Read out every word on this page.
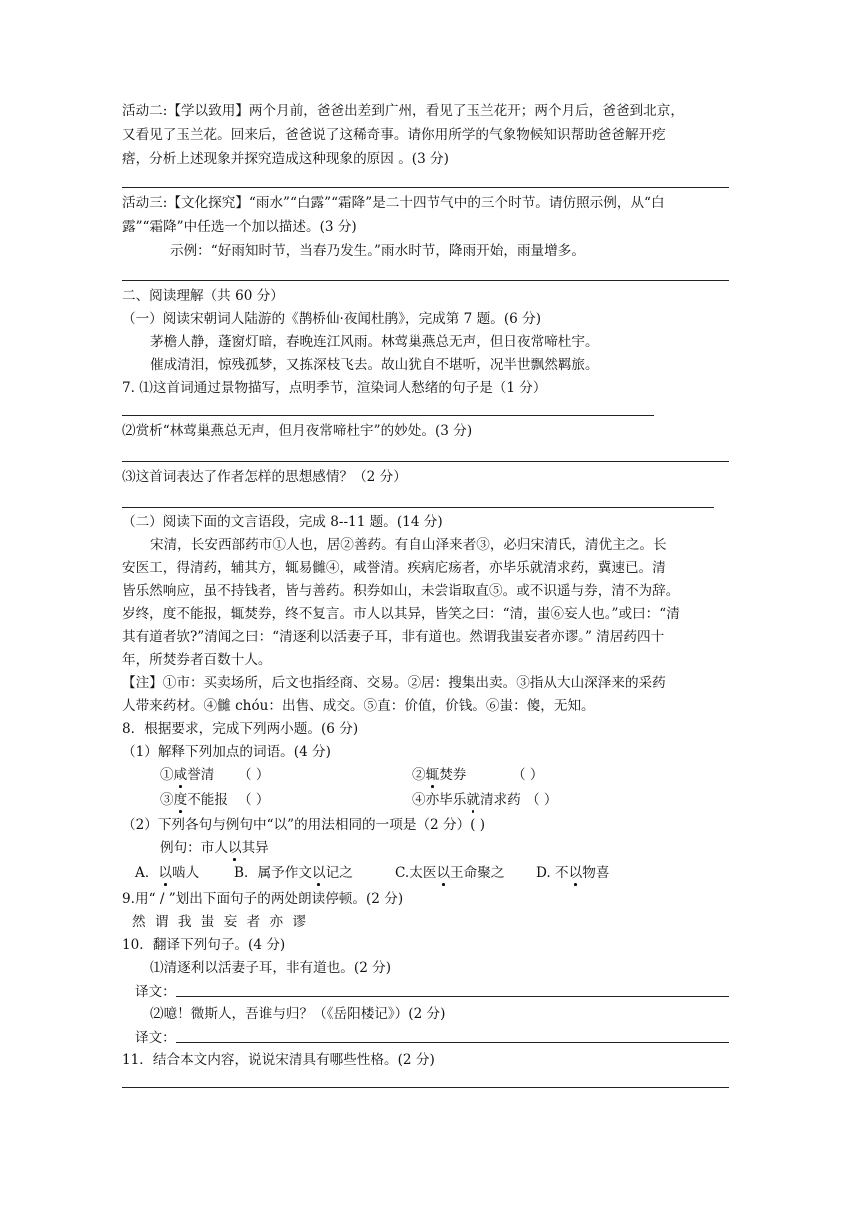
活动二:【学以致用】两个月前，爸爸出差到广州，看见了玉兰花开；两个月后，爸爸到北京，
又看见了玉兰花。回来后，爸爸说了这稀奇事。请你用所学的气象物候知识帮助爸爸解开疙
瘩，分析上述现象并探究造成这种现象的原因 。(3 分)
活动三:【文化探究】“雨水”“白露”“霜降”是二十四节气中的三个时节。请仿照示例，从“白
露”“霜降”中任选一个加以描述。(3 分)
示例：“好雨知时节，当春乃发生。”雨水时节，降雨开始，雨量增多。
二、阅读理解（共 60 分）
（一）阅读宋朝词人陆游的《鹊桥仙·夜闻杜鹃》，完成第 7 题。(6 分)
茅檐人静，蓬窗灯暗，春晚连江风雨。林莺巢燕总无声，但日夜常啼杜宇。
催成清泪，惊残孤梦，又拣深枝飞去。故山犹自不堪听，况半世飘然羁旅。
7. ⑴这首词通过景物描写，点明季节，渲染词人愁绪的句子是（1 分）
⑵赏析“林莺巢燕总无声，但月夜常啼杜宇”的妙处。(3 分)
⑶这首词表达了作者怎样的思想感情？（2 分）
（二）阅读下面的文言语段，完成 8--11 题。(14 分)
宋清，长安西部药市①人也，居②善药。有自山泽来者③，必归宋清氏，清优主之。长
安医工，得清药，辅其方，辄易雠④，咸誉清。疾病庀疡者，亦毕乐就清求药，冀速已。清
皆乐然响应，虽不持钱者，皆与善药。积券如山，未尝诣取直⑤。或不识遥与券，清不为辞。
岁终，度不能报，辄焚券，终不复言。市人以其异，皆笑之曰：“清，蚩⑥妄人也。”或曰：“清
其有道者欤?”清闻之曰：“清逐利以活妻子耳，非有道也。然谓我蚩妄者亦谬。” 清居药四十
年，所焚券者百数十人。
【注】①市：买卖场所，后文也指经商、交易。②居：搜集出卖。③指从大山深泽来的采药
人带来药材。④雠 chóu：出售、成交。⑤直：价值，价钱。⑥蚩：傻，无知。
8．根据要求，完成下列两小题。(6 分)
（1）解释下列加点的词语。(4 分)
①咸誉清 （ ）	②辄焚券	（ ）
③度不能报 （ ）	④亦毕乐就清求药 （ ）
（2）下列各句与例句中“以”的用法相同的一项是（2 分）( )
例句：市人以其异
A．以啮人	B．属予作文以记之	C.太医以王命聚之 D. 不以物喜
9.用“ / ”划出下面句子的两处朗读停顿。(2 分)
然 谓 我 蚩 妄 者 亦 谬
10．翻译下列句子。(4 分)
⑴清逐利以活妻子耳，非有道也。(2 分)
译文：
⑵噫！微斯人，吾谁与归？（《岳阳楼记》）(2 分)
译文：
11．结合本文内容，说说宋清具有哪些性格。(2 分)
